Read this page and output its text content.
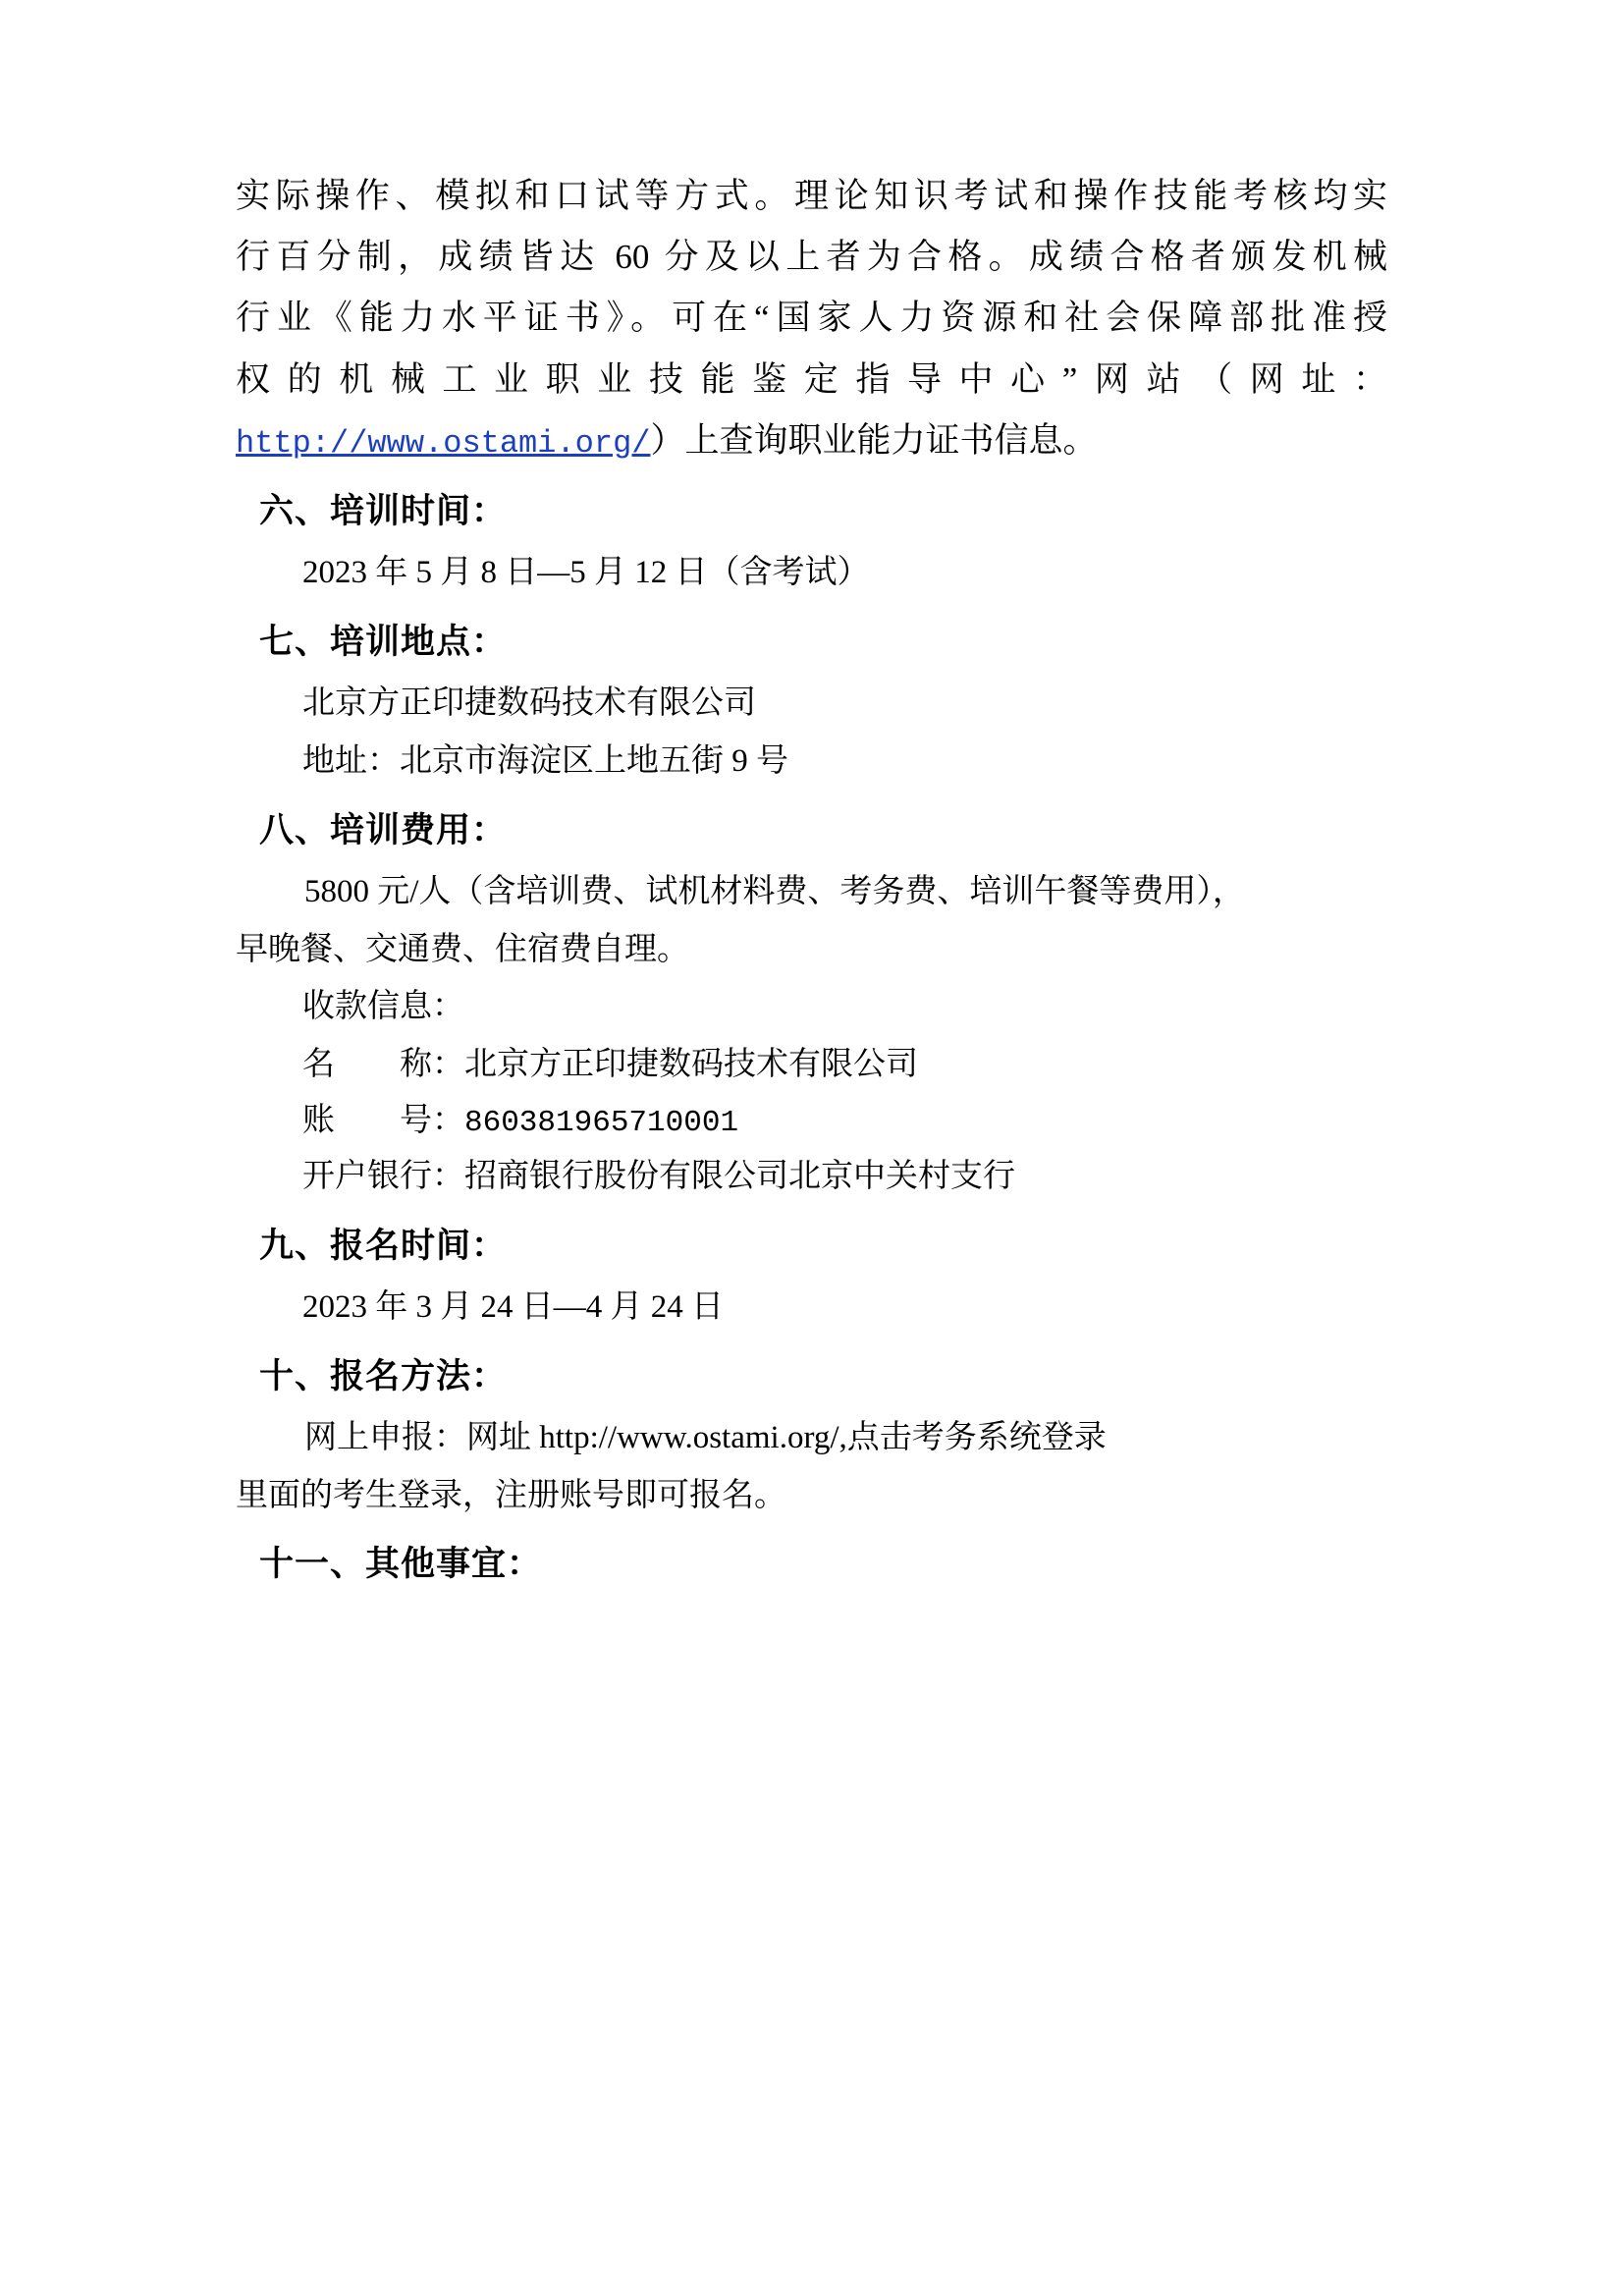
实际操作、模拟和口试等方式。理论知识考试和操作技能考核均实

行百分制，成绩皆达 60 分及以上者为合格。成绩合格者颁发机械

行业《能力水平证书》。可在“国家人力资源和社会保障部批准授

权的机械工业职业技能鉴定指导中心”网站（网址：

http://www.ostami.org/）上查询职业能力证书信息。

六、培训时间：
2023 年 5 月 8 日—5 月 12 日（含考试）
七、培训地点：
北京方正印捷数码技术有限公司
地址：北京市海淀区上地五街 9 号
八、培训费用：
5800 元/人（含培训费、试机材料费、考务费、培训午餐等费用），
早晚餐、交通费、住宿费自理。
收款信息：
名　　称：北京方正印捷数码技术有限公司
账　　号：860381965710001
开户银行：招商银行股份有限公司北京中关村支行
九、报名时间：
2023 年 3 月 24 日—4 月 24 日
十、报名方法：
网上申报：网址 http://www.ostami.org/,点击考务系统登录
里面的考生登录，注册账号即可报名。
十一、其他事宜：
